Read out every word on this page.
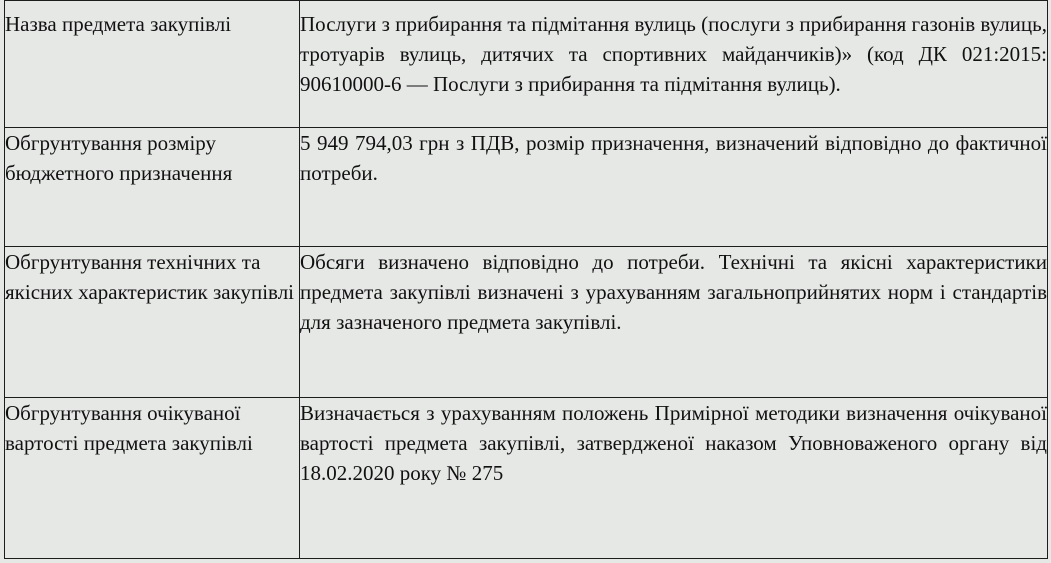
Назва предмета закупівлі	Послуги з прибирання та підмітання вулиць (послуги з прибирання газонів вулиць, тротуарів вулиць, дитячих та спортивних майданчиків)» (код ДК 021:2015: 90610000-6 — Послуги з прибирання та підмітання вулиць).
Обгрунтування розміру бюджетного призначення	5 949 794,03 грн з ПДВ, розмір призначення, визначений відповідно до фактичної потреби.
Обгрунтування технічних та якісних характеристик закупівлі	Обсяги визначено відповідно до потреби. Технічні та якісні характеристики предмета закупівлі визначені з урахуванням загальноприйнятих норм і стандартів для зазначеного предмета закупівлі.
Обгрунтування очікуваної вартості предмета закупівлі	Визначається з урахуванням положень Примірної методики визначення очікуваної вартості предмета закупівлі, затвердженої наказом Уповноваженого органу від 18.02.2020 року № 275
